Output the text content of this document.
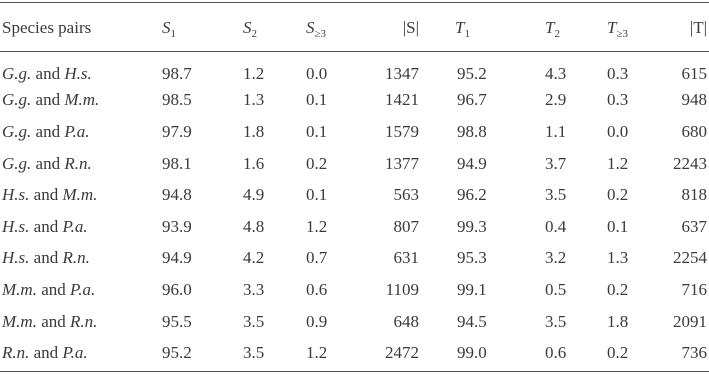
Species pairs	$S_1$	$S_2$	$S_{\ge 3}$	|S|	$T_1$	$T_2$	$T_{\ge 3}$	|T|
G.g. and H.s.	98.7	1.2	0.0	1347	95.2	4.3	0.3	615
G.g. and M.m.	98.5	1.3	0.1	1421	96.7	2.9	0.3	948
G.g. and P.a.	97.9	1.8	0.1	1579	98.8	1.1	0.0	680
G.g. and R.n.	98.1	1.6	0.2	1377	94.9	3.7	1.2	2243
H.s. and M.m.	94.8	4.9	0.1	563	96.2	3.5	0.2	818
H.s. and P.a.	93.9	4.8	1.2	807	99.3	0.4	0.1	637
H.s. and R.n.	94.9	4.2	0.7	631	95.3	3.2	1.3	2254
M.m. and P.a.	96.0	3.3	0.6	1109	99.1	0.5	0.2	716
M.m. and R.n.	95.5	3.5	0.9	648	94.5	3.5	1.8	2091
R.n. and P.a.	95.2	3.5	1.2	2472	99.0	0.6	0.2	736
